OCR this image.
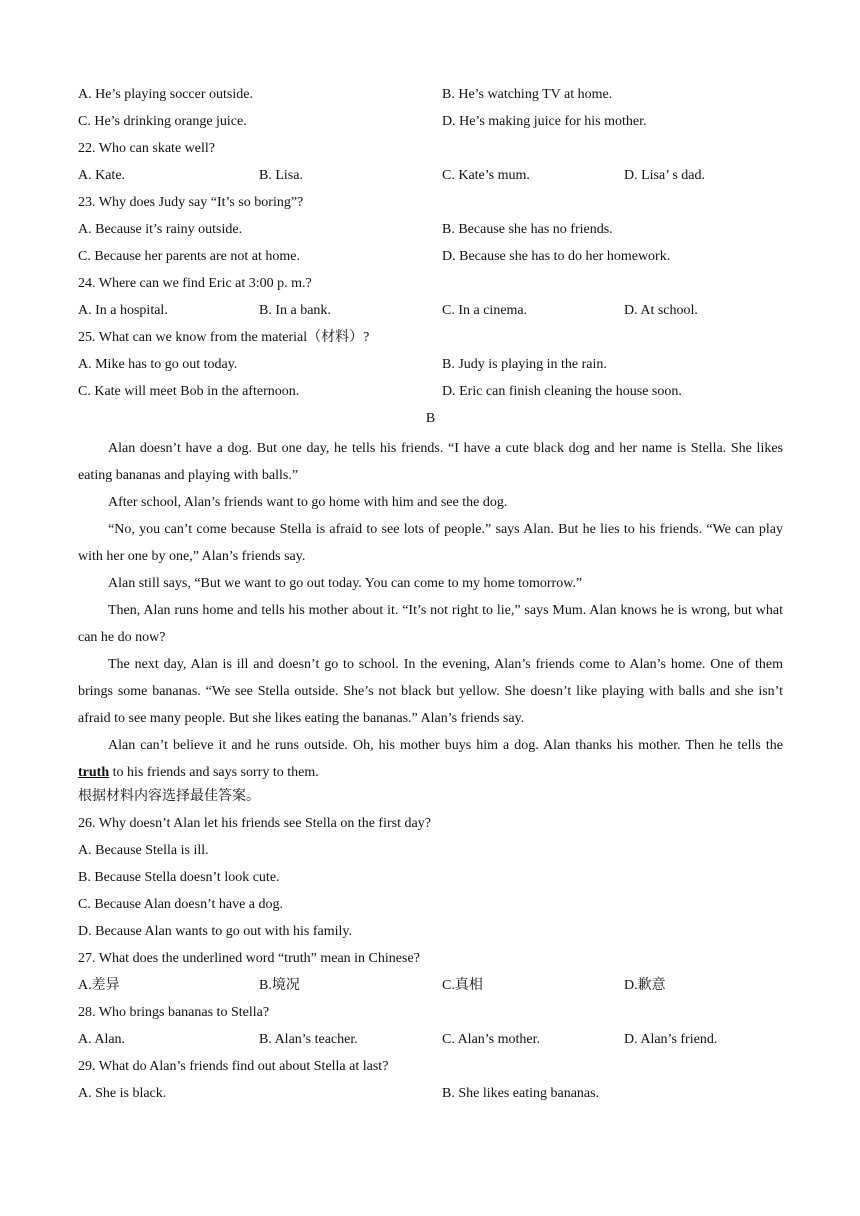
A. He’s playing soccer outside.	B. He’s watching TV at home.
C. He’s drinking orange juice.	D. He’s making juice for his mother.
22. Who can skate well?
A. Kate.	B. Lisa.	C. Kate’s mum.	D. Lisa’ s dad.
23. Why does Judy say “It’s so boring”?
A. Because it’s rainy outside.	B. Because she has no friends.
C. Because her parents are not at home.	D. Because she has to do her homework.
24. Where can we find Eric at 3:00 p. m.?
A. In a hospital.	B. In a bank.	C. In a cinema.	D. At school.
25. What can we know from the material（材料）?
A. Mike has to go out today.	B. Judy is playing in the rain.
C. Kate will meet Bob in the afternoon.	D. Eric can finish cleaning the house soon.
B

Alan doesn’t have a dog. But one day, he tells his friends. “I have a cute black dog and her name is Stella. She likes eating bananas and playing with balls.”

After school, Alan’s friends want to go home with him and see the dog.

“No, you can’t come because Stella is afraid to see lots of people.” says Alan. But he lies to his friends. “We can play with her one by one,” Alan’s friends say.

Alan still says, “But we want to go out today. You can come to my home tomorrow.”

Then, Alan runs home and tells his mother about it. “It’s not right to lie,” says Mum. Alan knows he is wrong, but what can he do now?

The next day, Alan is ill and doesn’t go to school. In the evening, Alan’s friends come to Alan’s home. One of them brings some bananas. “We see Stella outside. She’s not black but yellow. She doesn’t like playing with balls and she isn’t afraid to see many people. But she likes eating the bananas.” Alan’s friends say.

Alan can’t believe it and he runs outside. Oh, his mother buys him a dog. Alan thanks his mother. Then he tells the truth to his friends and says sorry to them.

根据材料内容选择最佳答案。
26. Why doesn’t Alan let his friends see Stella on the first day?
A. Because Stella is ill.
B. Because Stella doesn’t look cute.
C. Because Alan doesn’t have a dog.
D. Because Alan wants to go out with his family.
27. What does the underlined word “truth” mean in Chinese?
A.差异	B.境况	C.真相	D.歉意
28. Who brings bananas to Stella?
A. Alan.	B. Alan’s teacher.	C. Alan’s mother.	D. Alan’s friend.
29. What do Alan’s friends find out about Stella at last?
A. She is black.	B. She likes eating bananas.
